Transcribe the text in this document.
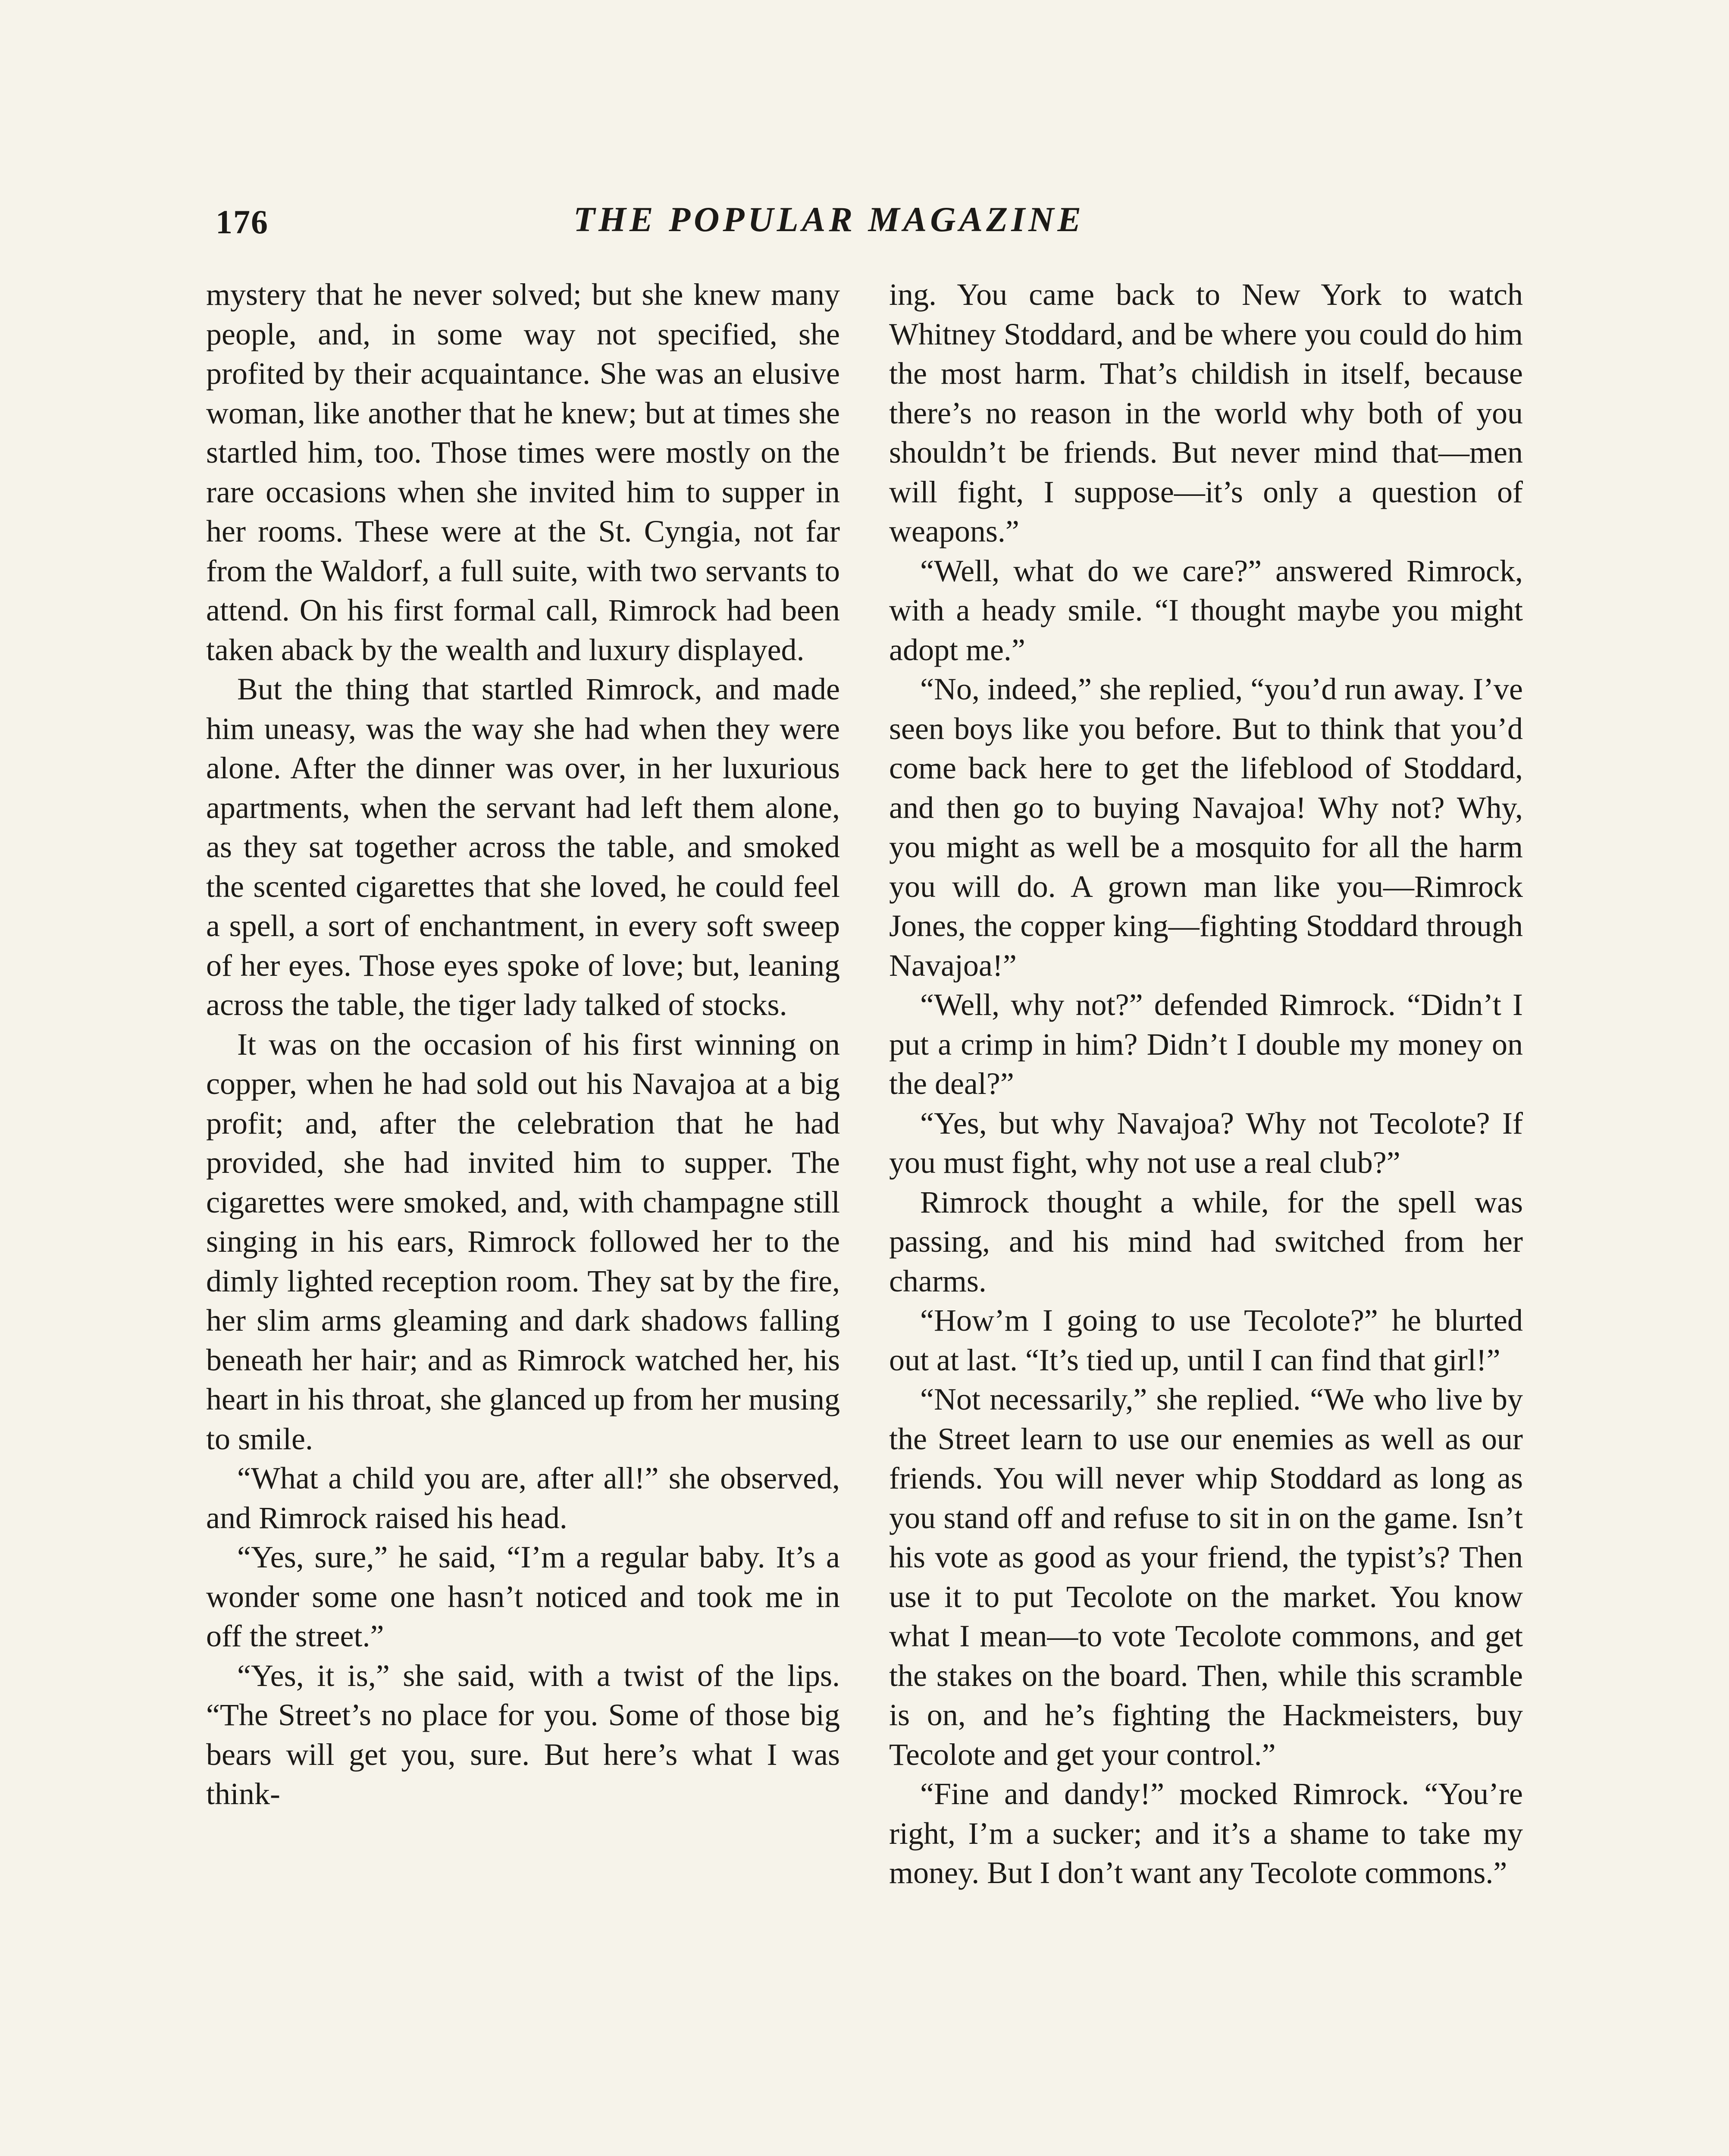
176	THE POPULAR MAGAZINE

mystery that he never solved; but she knew many people, and, in some way not specified, she profited by their acquaintance. She was an elusive woman, like another that he knew; but at times she startled him, too. Those times were mostly on the rare occasions when she invited him to supper in her rooms. These were at the St. Cyngia, not far from the Waldorf, a full suite, with two servants to attend. On his first formal call, Rimrock had been taken aback by the wealth and luxury displayed.

But the thing that startled Rimrock, and made him uneasy, was the way she had when they were alone. After the dinner was over, in her luxurious apartments, when the servant had left them alone, as they sat together across the table, and smoked the scented cigarettes that she loved, he could feel a spell, a sort of enchantment, in every soft sweep of her eyes. Those eyes spoke of love; but, leaning across the table, the tiger lady talked of stocks.

It was on the occasion of his first winning on copper, when he had sold out his Navajoa at a big profit; and, after the celebration that he had provided, she had invited him to supper. The cigarettes were smoked, and, with champagne still singing in his ears, Rimrock followed her to the dimly lighted reception room. They sat by the fire, her slim arms gleaming and dark shadows falling beneath her hair; and as Rimrock watched her, his heart in his throat, she glanced up from her musing to smile.

“What a child you are, after all!” she observed, and Rimrock raised his head.

“Yes, sure,” he said, “I’m a regular baby. It’s a wonder some one hasn’t noticed and took me in off the street.”

“Yes, it is,” she said, with a twist of the lips. “The Street’s no place for you. Some of those big bears will get you, sure. But here’s what I was think-

ing. You came back to New York to watch Whitney Stoddard, and be where you could do him the most harm. That’s childish in itself, because there’s no reason in the world why both of you shouldn’t be friends. But never mind that—men will fight, I suppose—it’s only a question of weapons.”

“Well, what do we care?” answered Rimrock, with a heady smile. “I thought maybe you might adopt me.”

“No, indeed,” she replied, “you’d run away. I’ve seen boys like you before. But to think that you’d come back here to get the lifeblood of Stoddard, and then go to buying Navajoa! Why not? Why, you might as well be a mosquito for all the harm you will do. A grown man like you—Rimrock Jones, the copper king—fighting Stoddard through Navajoa!”

“Well, why not?” defended Rimrock. “Didn’t I put a crimp in him? Didn’t I double my money on the deal?”

“Yes, but why Navajoa? Why not Tecolote? If you must fight, why not use a real club?”

Rimrock thought a while, for the spell was passing, and his mind had switched from her charms.

“How’m I going to use Tecolote?” he blurted out at last. “It’s tied up, until I can find that girl!”

“Not necessarily,” she replied. “We who live by the Street learn to use our enemies as well as our friends. You will never whip Stoddard as long as you stand off and refuse to sit in on the game. Isn’t his vote as good as your friend, the typist’s? Then use it to put Tecolote on the market. You know what I mean—to vote Tecolote commons, and get the stakes on the board. Then, while this scramble is on, and he’s fighting the Hackmeisters, buy Tecolote and get your control.”

“Fine and dandy!” mocked Rimrock. “You’re right, I’m a sucker; and it’s a shame to take my money. But I don’t want any Tecolote commons.”
